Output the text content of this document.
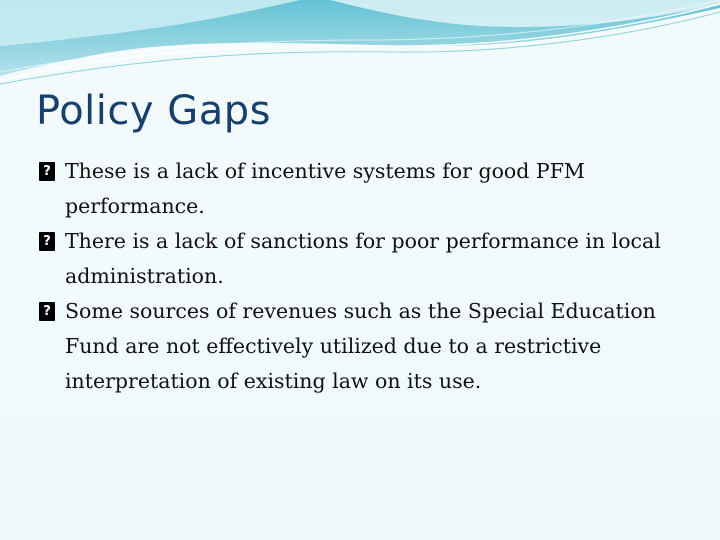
Policy Gaps
?
These is a lack of incentive systems for good PFM performance.
?
There is a lack of sanctions for poor performance in local administration.
?
Some sources of revenues such as the Special Education Fund are not effectively utilized due to a restrictive interpretation of existing law on its use.
